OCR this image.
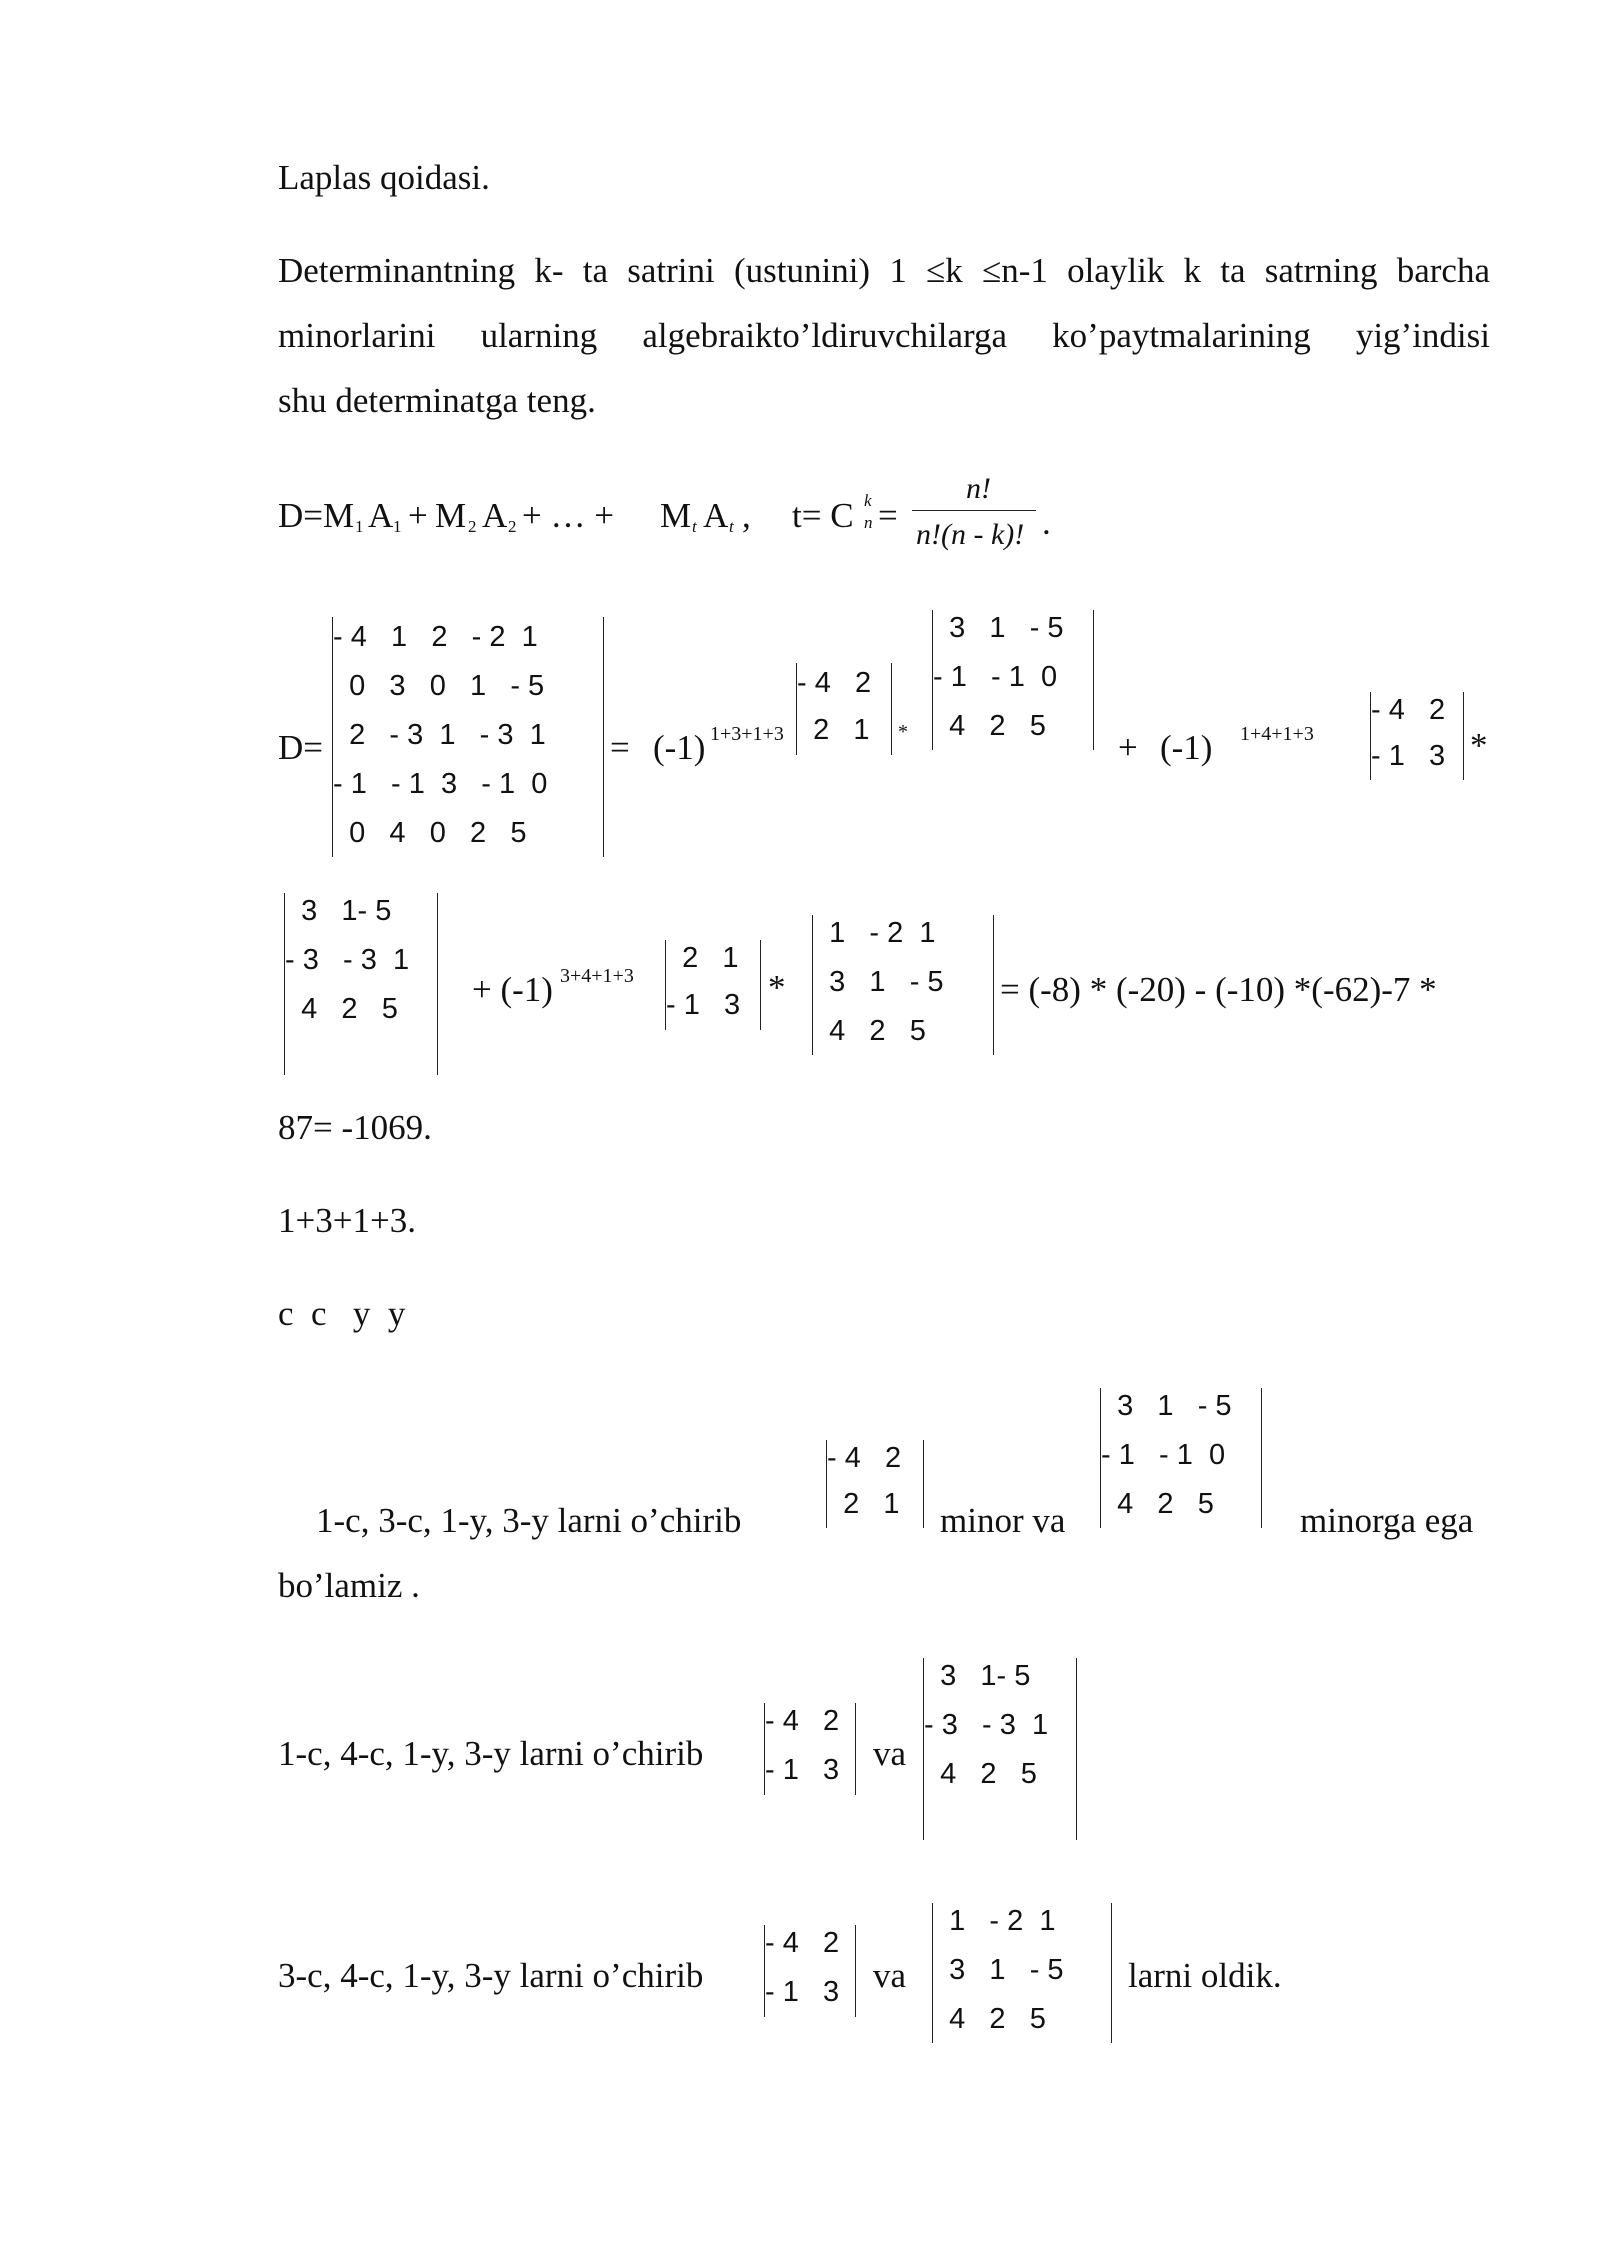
Laplas qoidasi.
Determinantning k- ta satrini (ustunini) 1 ≤k ≤n-1 olaylik k ta satrning barcha
minorlarini ularning algebraikto’ldiruvchilarga ko’paytmalarining yig’indisi
shu determinatga teng.
D=M 1 A 1 + M 2 A 2 + … + M t A t , t= C k
n =
n!
n!(n - k)! .
D=
- 4   1   2   - 2  1
0   3   0   1   - 5
2   - 3  1   - 3  1
- 1   - 1  3   - 1  0
0   4   0   2   5
= (-1) 1+3+1+3
- 4   2
2   1 *
3   1   - 5
- 1   - 1  0
4   2   5
+ (-1) 1+4+1+3
- 4   2
- 1   3 *
3   1- 5
- 3   - 3  1
4   2   5 + (-1) 3+4+1+3
2   1
- 1   3 *
1   - 2  1
3   1   - 5
4   2   5
= (-8) * (-20) - (-10) *(-62)-7 *
87= -1069.
1+3+1+3.
c  c   y  y
1-c, 3-c, 1-y, 3-y larni o’chirib
- 4   2
2   1 minor va
3   1   - 5
- 1   - 1  0
4   2   5 minorga ega
bo’lamiz .
1-c, 4-c, 1-y, 3-y larni o’chirib
- 4   2
- 1   3 va
3   1- 5
- 3   - 3  1
4   2   5
3-c, 4-c, 1-y, 3-y larni o’chirib
- 4   2
- 1   3 va
1   - 2  1
3   1   - 5
4   2   5
larni oldik.
